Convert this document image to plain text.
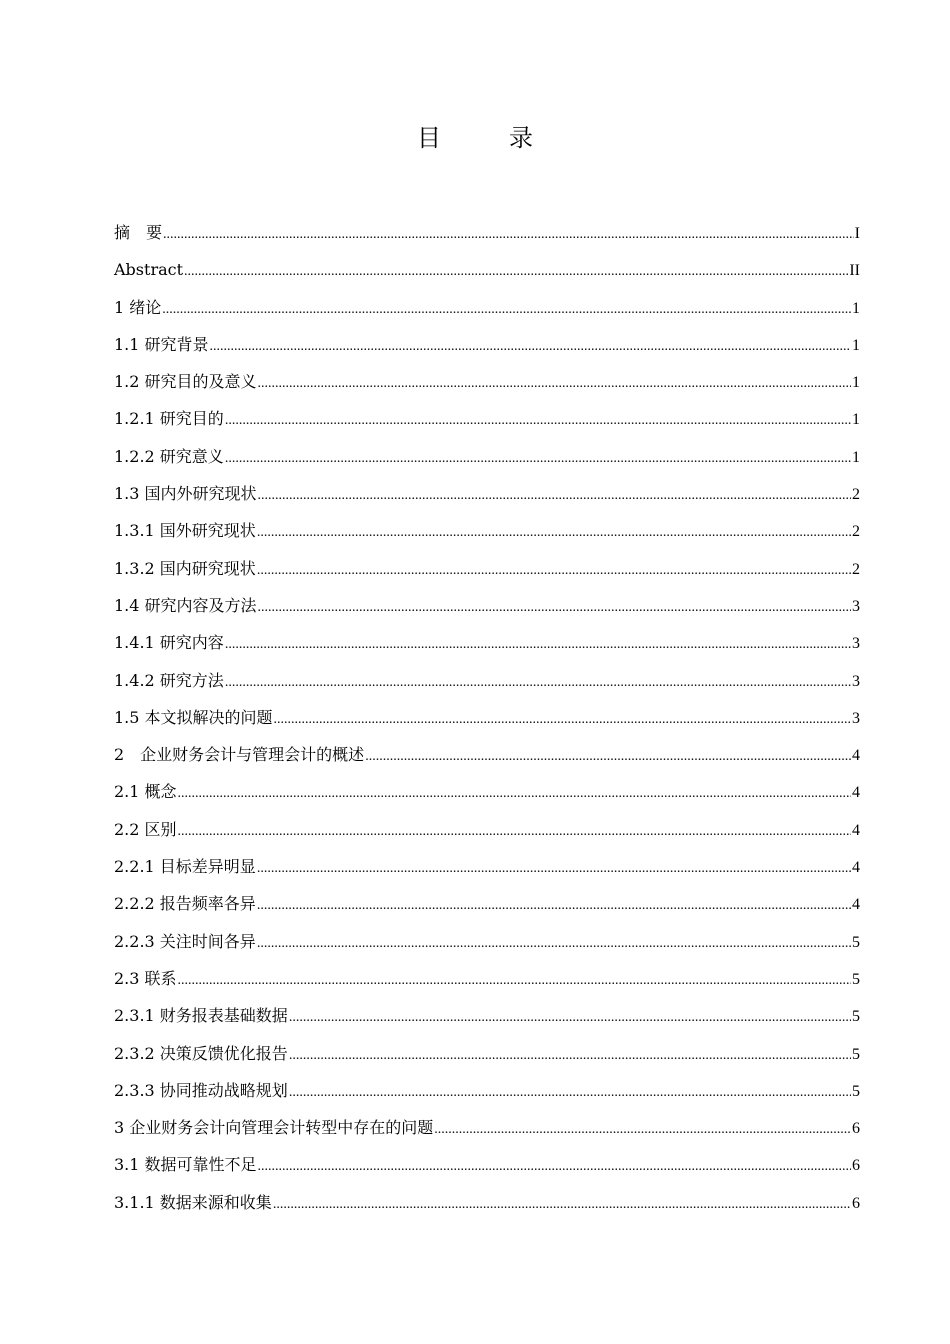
目　录
摘　要 .....	I
Abstract .....	II
1 绪论 .....	1
1.1 研究背景 .....	1
1.2 研究目的及意义 .....	1
1.2.1 研究目的 .....	1
1.2.2 研究意义 .....	1
1.3 国内外研究现状 .....	2
1.3.1 国外研究现状 .....	2
1.3.2 国内研究现状 .....	2
1.4 研究内容及方法 .....	3
1.4.1 研究内容 .....	3
1.4.2 研究方法 .....	3
1.5 本文拟解决的问题 .....	3
2　企业财务会计与管理会计的概述 .....	4
2.1 概念 .....	4
2.2 区别 .....	4
2.2.1 目标差异明显 .....	4
2.2.2 报告频率各异 .....	4
2.2.3 关注时间各异 .....	5
2.3 联系 .....	5
2.3.1 财务报表基础数据 .....	5
2.3.2 决策反馈优化报告 .....	5
2.3.3 协同推动战略规划 .....	5
3 企业财务会计向管理会计转型中存在的问题 .....	6
3.1 数据可靠性不足 .....	6
3.1.1 数据来源和收集 .....	6
